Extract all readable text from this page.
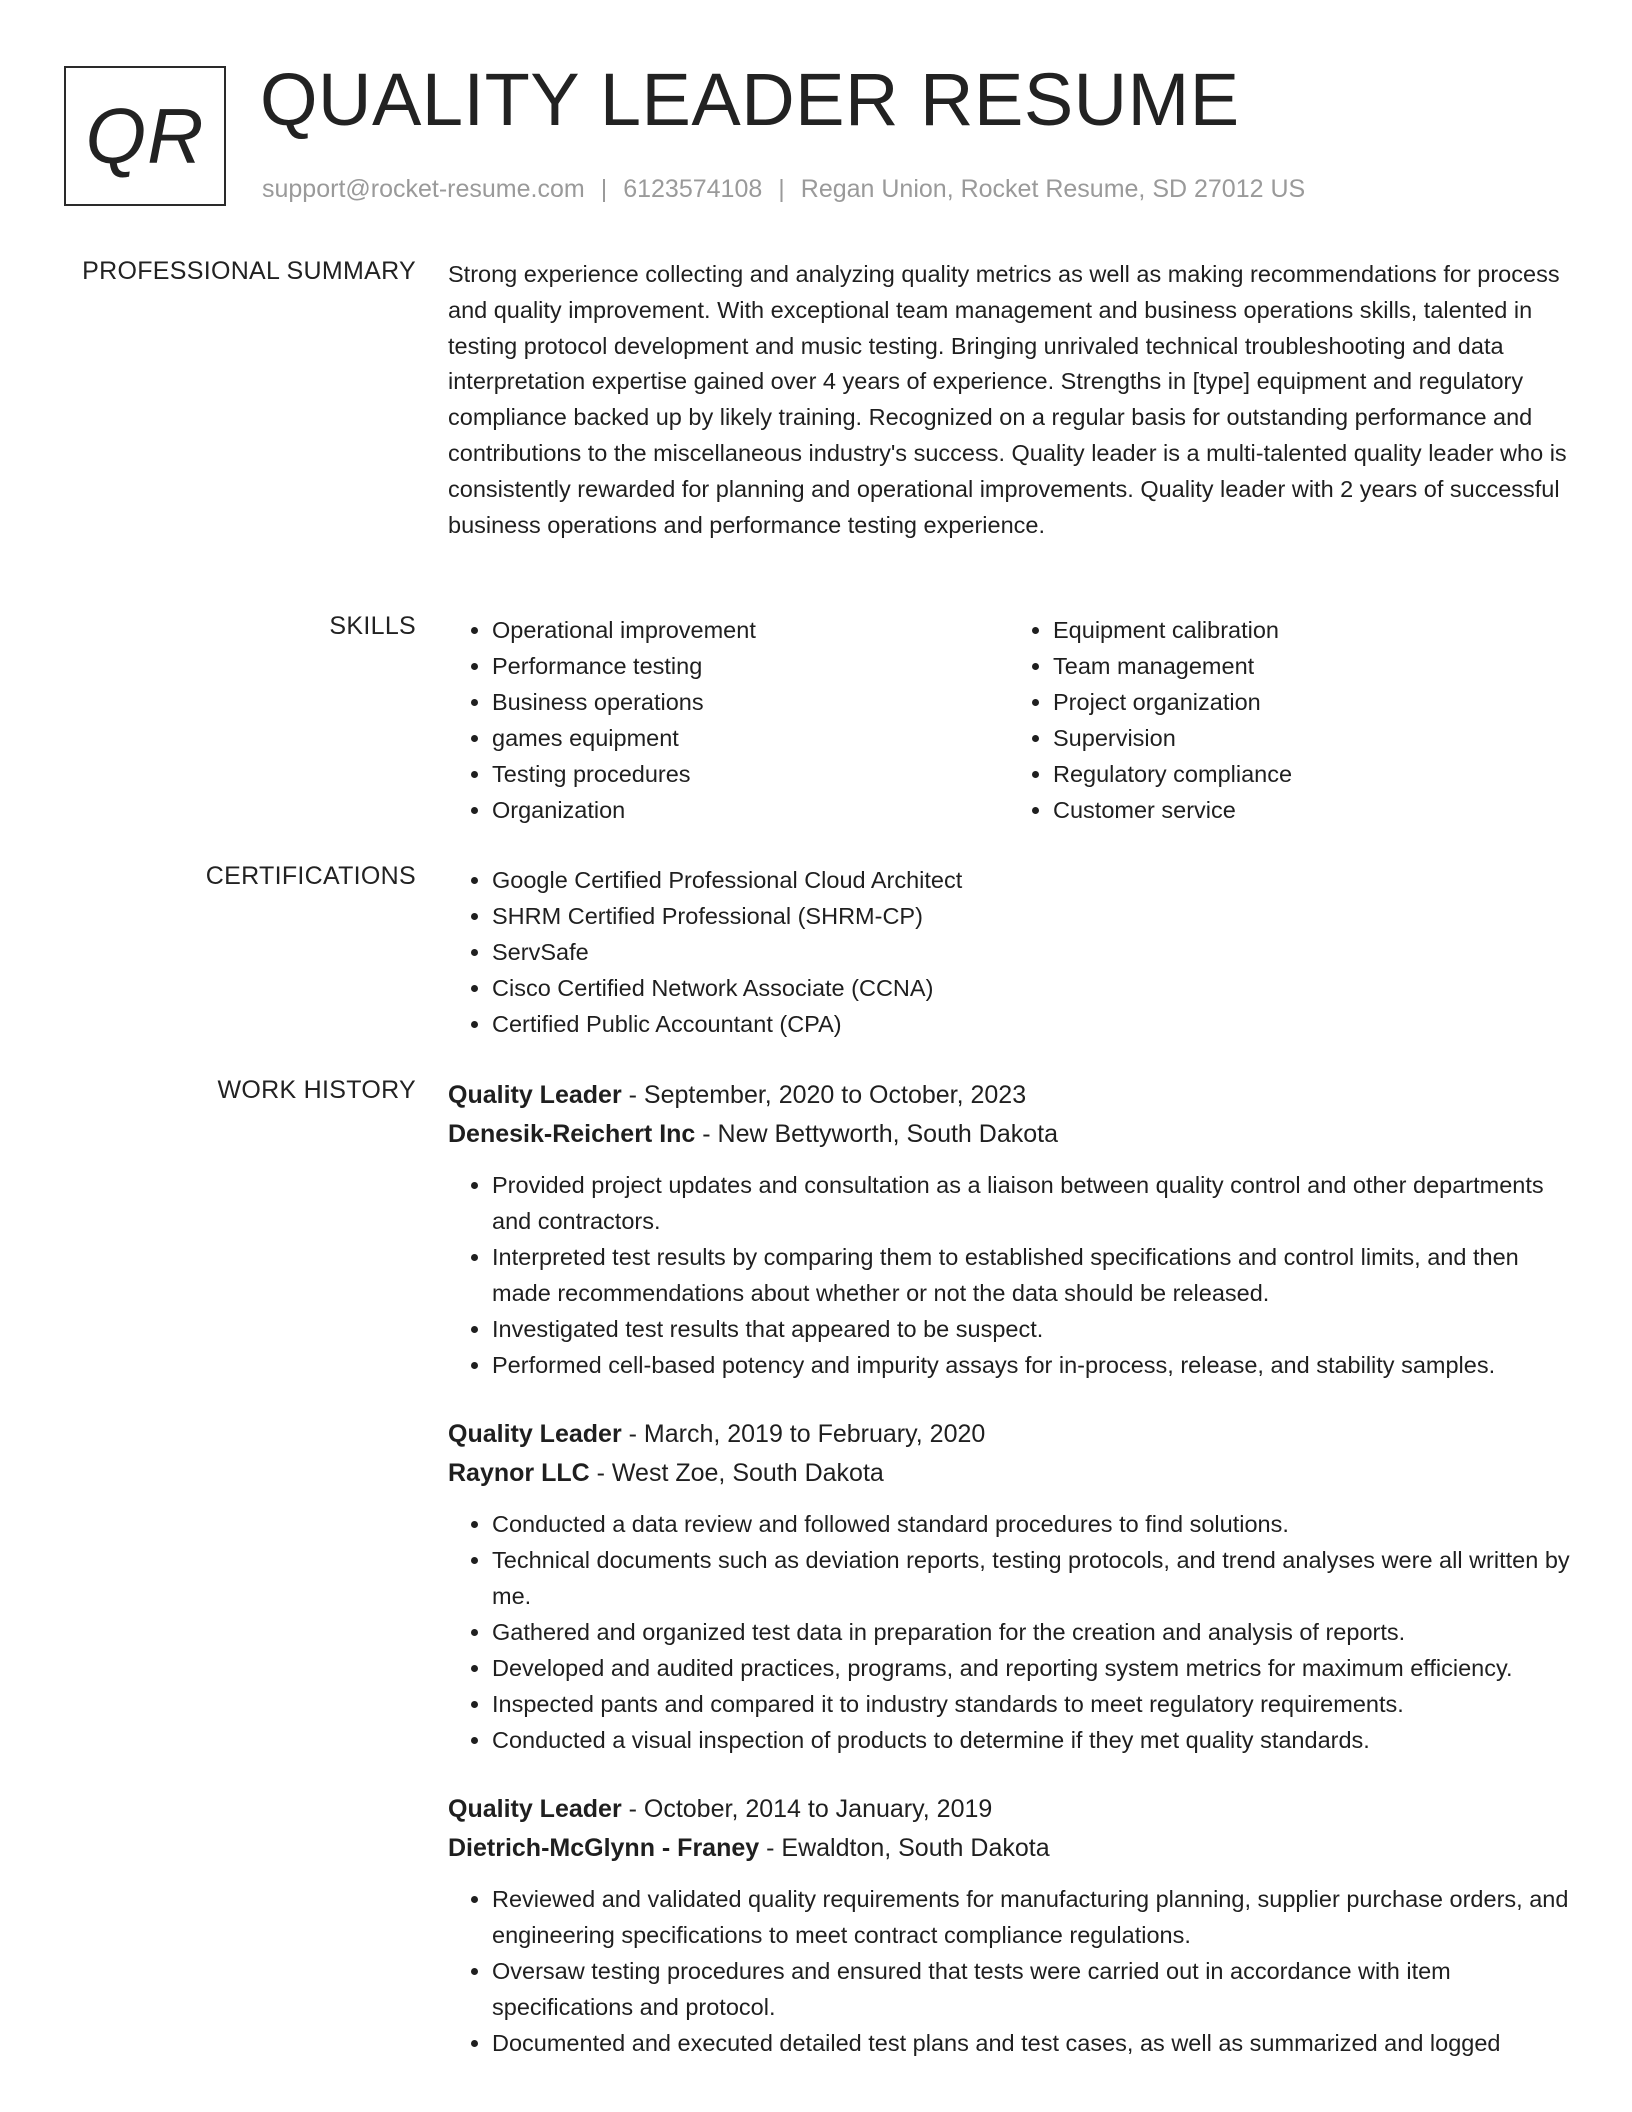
QR QUALITY LEADER RESUME
support@rocket-resume.com | 6123574108 | Regan Union, Rocket Resume, SD 27012 US
PROFESSIONAL SUMMARY Strong experience collecting and analyzing quality metrics as well as making recommendations for process and quality improvement. With exceptional team management and business operations skills, talented in testing protocol development and music testing. Bringing unrivaled technical troubleshooting and data interpretation expertise gained over 4 years of experience. Strengths in [type] equipment and regulatory compliance backed up by likely training. Recognized on a regular basis for outstanding performance and contributions to the miscellaneous industry's success. Quality leader is a multi-talented quality leader who is consistently rewarded for planning and operational improvements. Quality leader with 2 years of successful business operations and performance testing experience.
SKILLS	• Operational improvement
• Performance testing
• Business operations
• games equipment
• Testing procedures
• Organization
• Equipment calibration
• Team management
• Project organization
• Supervision
• Regulatory compliance
• Customer service
CERTIFICATIONS	• Google Certified Professional Cloud Architect
• SHRM Certified Professional (SHRM-CP)
• ServSafe
• Cisco Certified Network Associate (CCNA)
• Certified Public Accountant (CPA)
WORK HISTORY Quality Leader - September, 2020 to October, 2023
Denesik-Reichert Inc - New Bettyworth, South Dakota
• Provided project updates and consultation as a liaison between quality control and other departments and contractors.
• Interpreted test results by comparing them to established specifications and control limits, and then made recommendations about whether or not the data should be released.
• Investigated test results that appeared to be suspect.
• Performed cell-based potency and impurity assays for in-process, release, and stability samples.
Quality Leader - March, 2019 to February, 2020
Raynor LLC - West Zoe, South Dakota
• Conducted a data review and followed standard procedures to find solutions.
• Technical documents such as deviation reports, testing protocols, and trend analyses were all written by me.
• Gathered and organized test data in preparation for the creation and analysis of reports.
• Developed and audited practices, programs, and reporting system metrics for maximum efficiency.
• Inspected pants and compared it to industry standards to meet regulatory requirements.
• Conducted a visual inspection of products to determine if they met quality standards.
Quality Leader - October, 2014 to January, 2019
Dietrich-McGlynn - Franey - Ewaldton, South Dakota
• Reviewed and validated quality requirements for manufacturing planning, supplier purchase orders, and engineering specifications to meet contract compliance regulations.
• Oversaw testing procedures and ensured that tests were carried out in accordance with item specifications and protocol.
• Documented and executed detailed test plans and test cases, as well as summarized and logged
